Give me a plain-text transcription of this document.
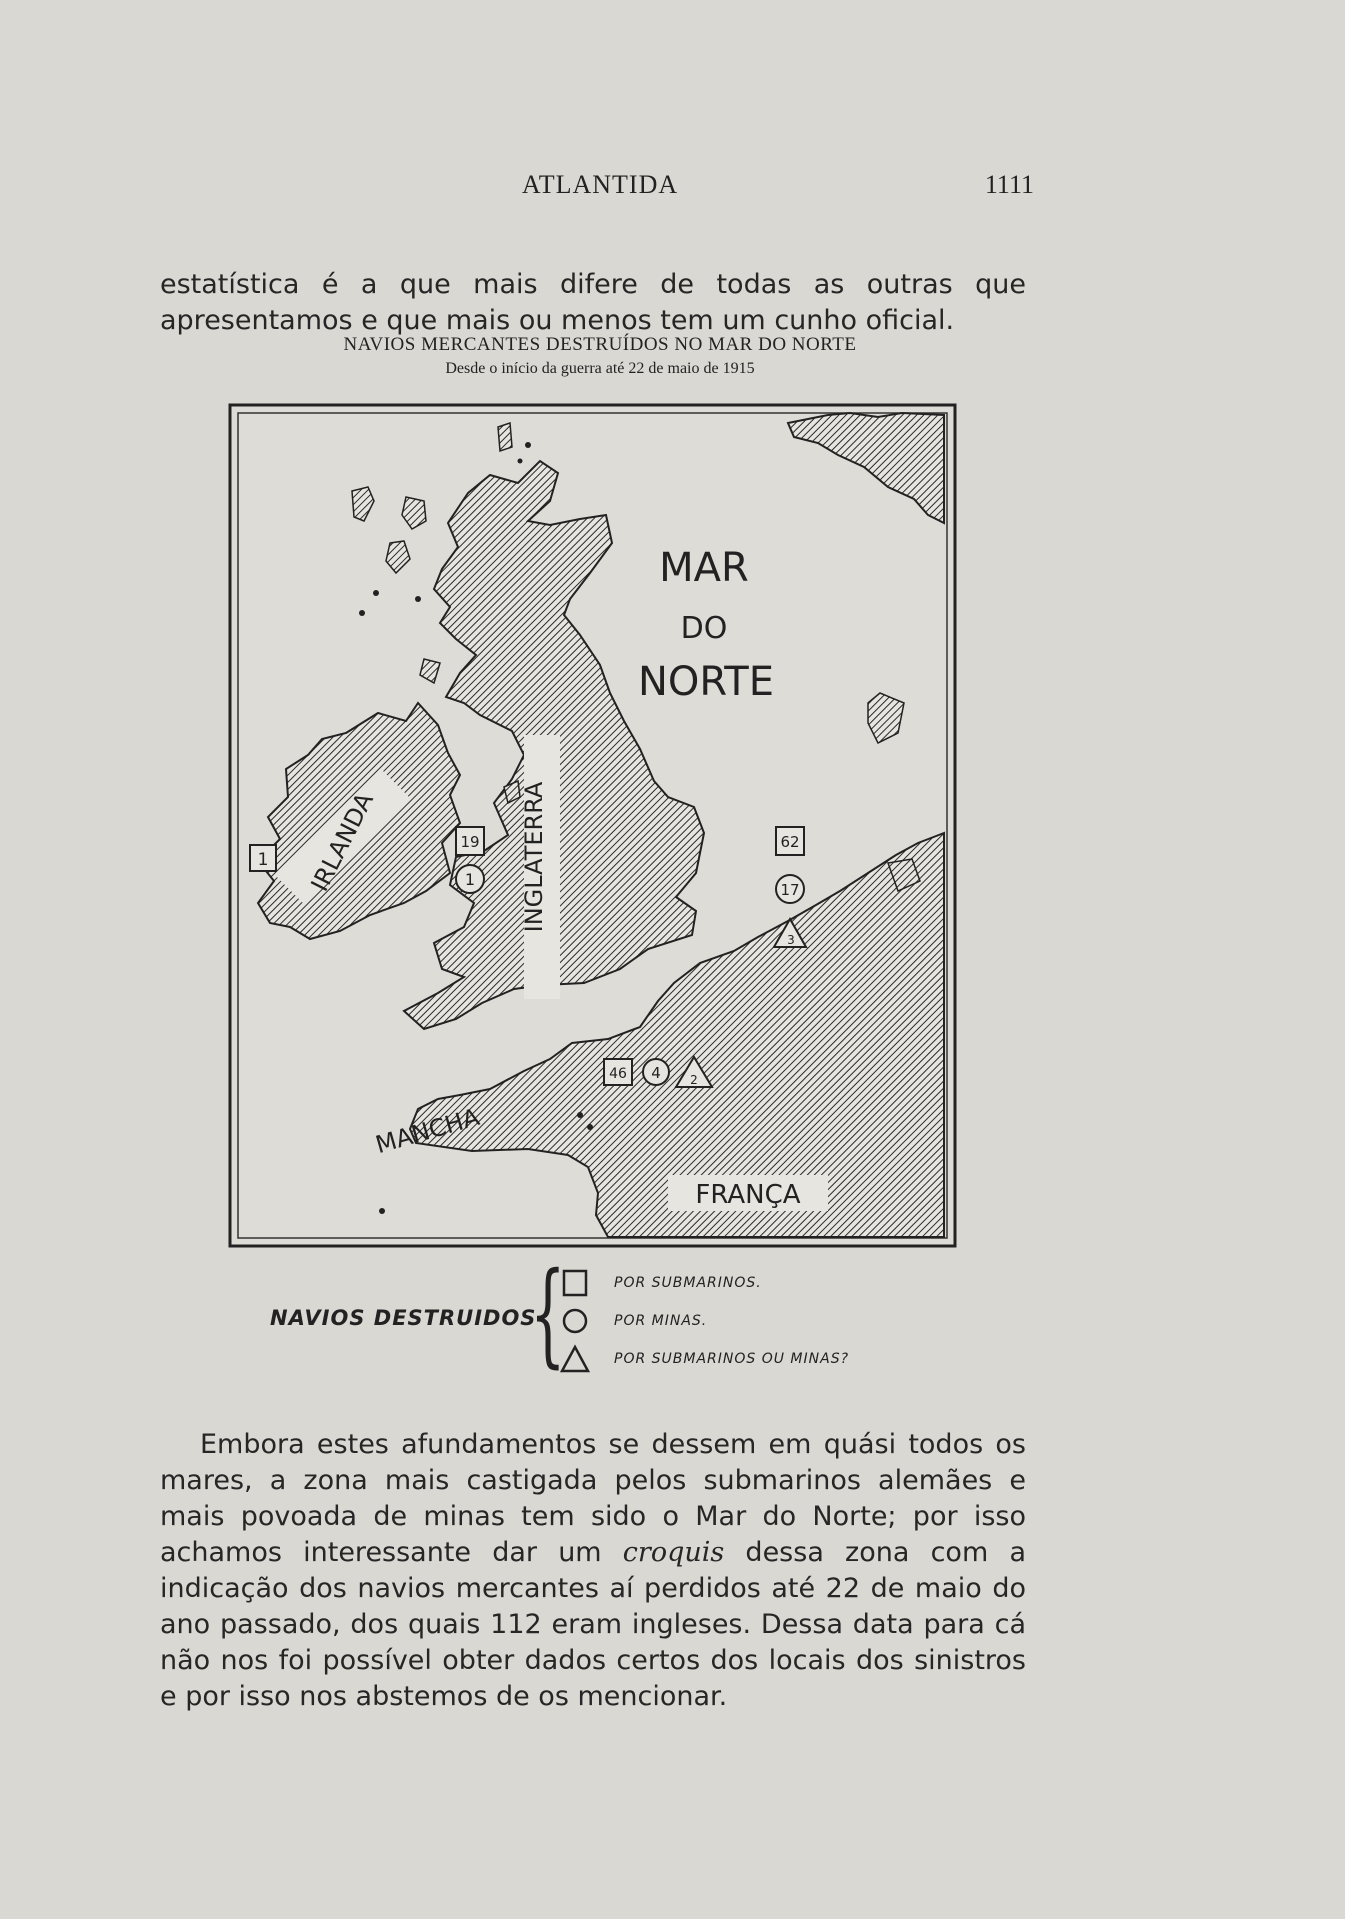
ATLANTIDA	1111

estatística é a que mais difere de todas as outras que apresentamos e que mais ou menos tem um cunho oficial.

NAVIOS MERCANTES DESTRUÍDOS NO MAR DO NORTE
Desde o início da guerra até 22 de maio de 1915
MAR
DO
NORTE
IRLANDA	INGLATERRA
MANCHA
FRANÇA
1
19
1
62
17
3
46 4 2
NAVIOS DESTRUIDOS
{	POR SUBMARINOS.
POR MINAS.
POR SUBMARINOS OU MINAS?

Embora estes afundamentos se dessem em quási todos os mares, a zona mais castigada pelos submarinos alemães e mais povoada de minas tem sido o Mar do Norte; por isso achamos interessante dar um croquis dessa zona com a indicação dos navios mercantes aí perdidos até 22 de maio do ano passado, dos quais 112 eram ingleses. Dessa data para cá não nos foi possível obter dados certos dos locais dos sinistros e por isso nos abstemos de os mencionar.
